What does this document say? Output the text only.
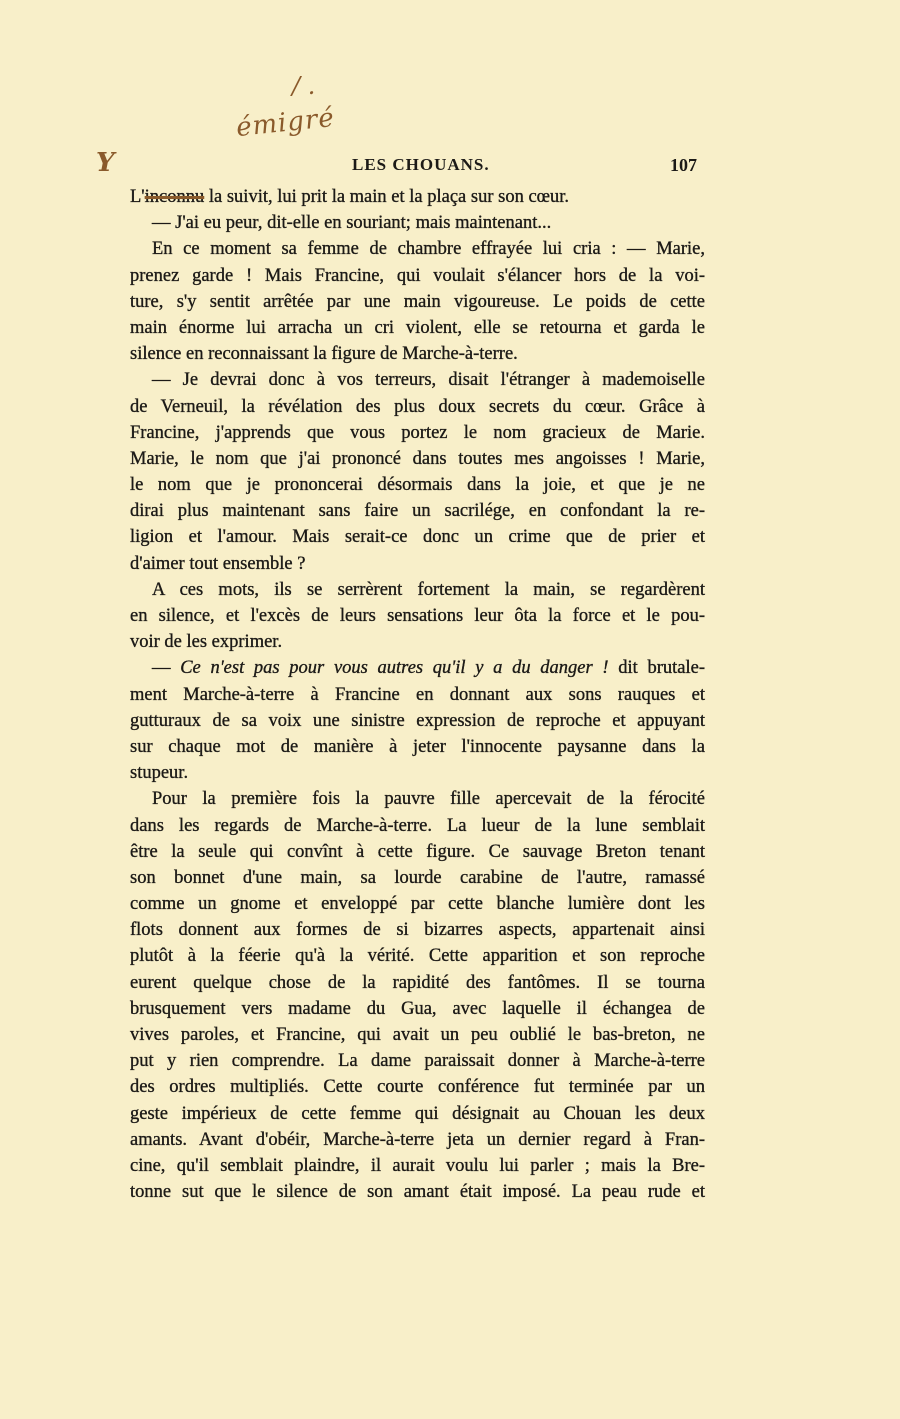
/ .
émigré
Y	LES CHOUANS.	107
L'inconnu la suivit, lui prit la main et la plaça sur son cœur.
— J'ai eu peur, dit-elle en souriant; mais maintenant...
En ce moment sa femme de chambre effrayée lui cria : — Marie,
prenez garde ! Mais Francine, qui voulait s'élancer hors de la voi-
ture, s'y sentit arrêtée par une main vigoureuse. Le poids de cette
main énorme lui arracha un cri violent, elle se retourna et garda le
silence en reconnaissant la figure de Marche-à-terre.
— Je devrai donc à vos terreurs, disait l'étranger à mademoiselle
de Verneuil, la révélation des plus doux secrets du cœur. Grâce à
Francine, j'apprends que vous portez le nom gracieux de Marie.
Marie, le nom que j'ai prononcé dans toutes mes angoisses ! Marie,
le nom que je prononcerai désormais dans la joie, et que je ne
dirai plus maintenant sans faire un sacrilége, en confondant la re-
ligion et l'amour. Mais serait-ce donc un crime que de prier et
d'aimer tout ensemble ?
A ces mots, ils se serrèrent fortement la main, se regardèrent
en silence, et l'excès de leurs sensations leur ôta la force et le pou-
voir de les exprimer.
— Ce n'est pas pour vous autres qu'il y a du danger ! dit brutale-
ment Marche-à-terre à Francine en donnant aux sons rauques et
gutturaux de sa voix une sinistre expression de reproche et appuyant
sur chaque mot de manière à jeter l'innocente paysanne dans la
stupeur.
Pour la première fois la pauvre fille apercevait de la férocité
dans les regards de Marche-à-terre. La lueur de la lune semblait
être la seule qui convînt à cette figure. Ce sauvage Breton tenant
son bonnet d'une main, sa lourde carabine de l'autre, ramassé
comme un gnome et enveloppé par cette blanche lumière dont les
flots donnent aux formes de si bizarres aspects, appartenait ainsi
plutôt à la féerie qu'à la vérité. Cette apparition et son reproche
eurent quelque chose de la rapidité des fantômes. Il se tourna
brusquement vers madame du Gua, avec laquelle il échangea de
vives paroles, et Francine, qui avait un peu oublié le bas-breton, ne
put y rien comprendre. La dame paraissait donner à Marche-à-terre
des ordres multipliés. Cette courte conférence fut terminée par un
geste impérieux de cette femme qui désignait au Chouan les deux
amants. Avant d'obéir, Marche-à-terre jeta un dernier regard à Fran-
cine, qu'il semblait plaindre, il aurait voulu lui parler ; mais la Bre-
tonne sut que le silence de son amant était imposé. La peau rude et
